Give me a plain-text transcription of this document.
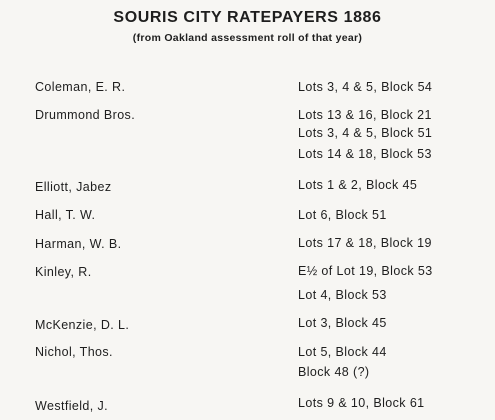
SOURIS CITY RATEPAYERS 1886
(from Oakland assessment roll of that year)
Coleman, E. R.	Lots 3, 4 & 5, Block 54
Drummond Bros.	Lots 13 & 16, Block 21
Lots 3, 4 & 5, Block 51
Lots 14 & 18, Block 53
Elliott, Jabez	Lots 1 & 2, Block 45
Hall, T. W.	Lot 6, Block 51
Harman, W. B.	Lots 17 & 18, Block 19
Kinley, R.	E½ of Lot 19, Block 53
Lot 4, Block 53
McKenzie, D. L.	Lot 3, Block 45
Nichol, Thos.	Lot 5, Block 44
Block 48 (?)
Westfield, J.	Lots 9 & 10, Block 61
